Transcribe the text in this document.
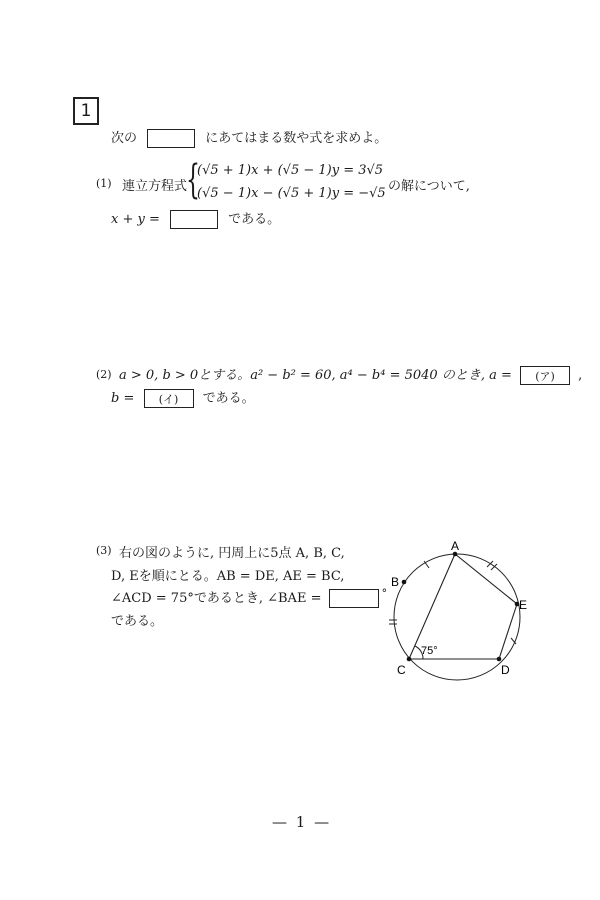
1
次の	にあてはまる数や式を求めよ。
(1) 連立方程式
{
(√5 + 1)x + (√5 − 1)y = 3√5
(√5 − 1)x − (√5 + 1)y = −√5 の解について,
x + y =	である。
(2) a > 0, b > 0とする。a² − b² = 60, a⁴ − b⁴ = 5040 のとき, a = (ア) ,
b = (イ) である。
(3) 右の図のように, 円周上に5点 A, B, C,
D, Eを順にとる。AB = DE, AE = BC,
∠ACD = 75°であるとき, ∠BAE =	°
である。
A
B
C	D
E
75°
— 1 —
